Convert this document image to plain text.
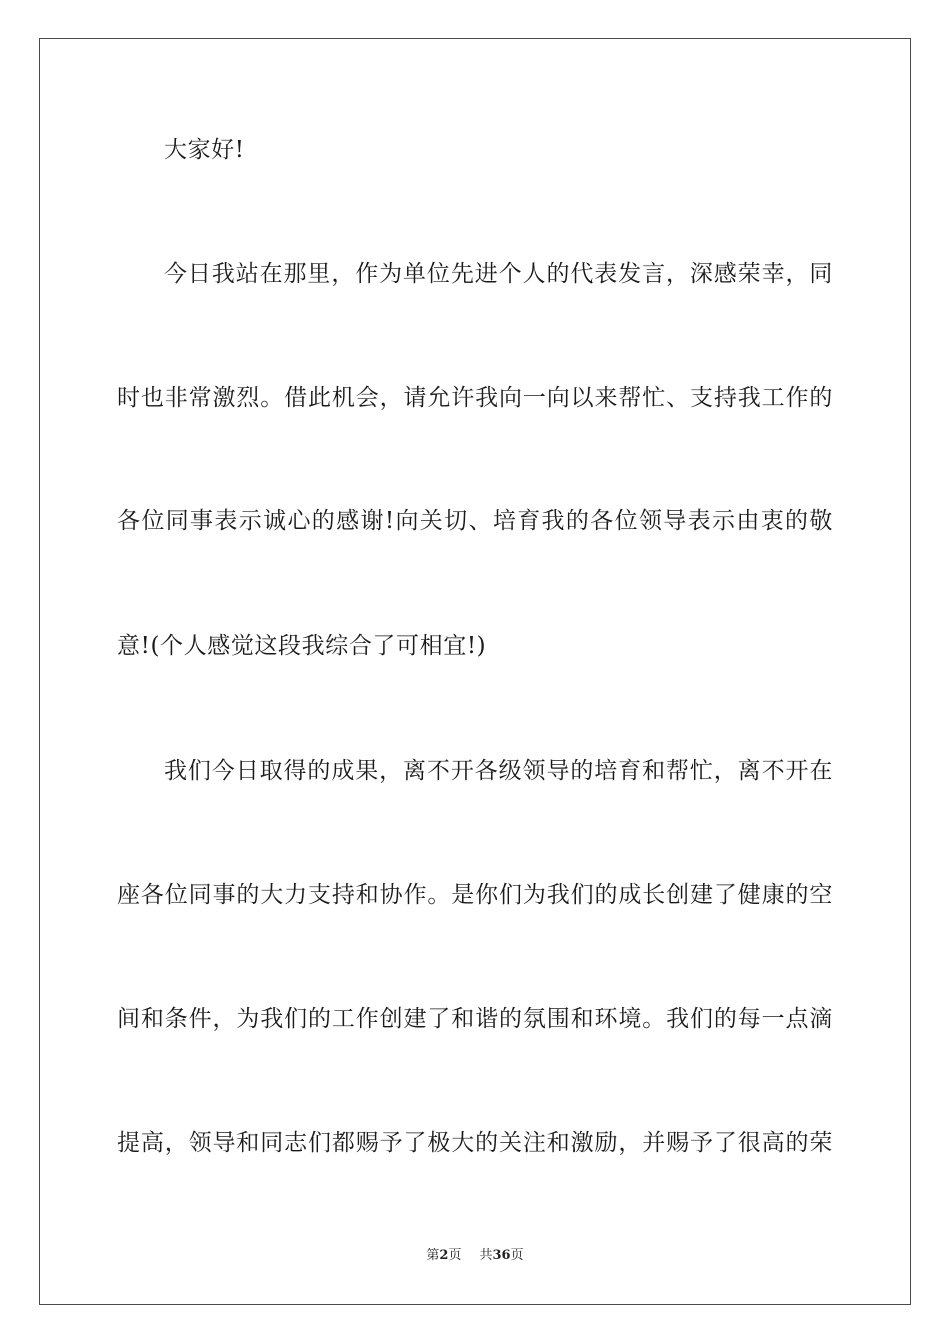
大家好!
今日我站在那里，作为单位先进个人的代表发言，深感荣幸，同
时也非常激烈。借此机会，请允许我向一向以来帮忙、支持我工作的
各位同事表示诚心的感谢!向关切、培育我的各位领导表示由衷的敬
意!(个人感觉这段我综合了可相宜!)
我们今日取得的成果，离不开各级领导的培育和帮忙，离不开在
座各位同事的大力支持和协作。是你们为我们的成长创建了健康的空
间和条件，为我们的工作创建了和谐的氛围和环境。我们的每一点滴
提高，领导和同志们都赐予了极大的关注和激励，并赐予了很高的荣
第2页 共36页
